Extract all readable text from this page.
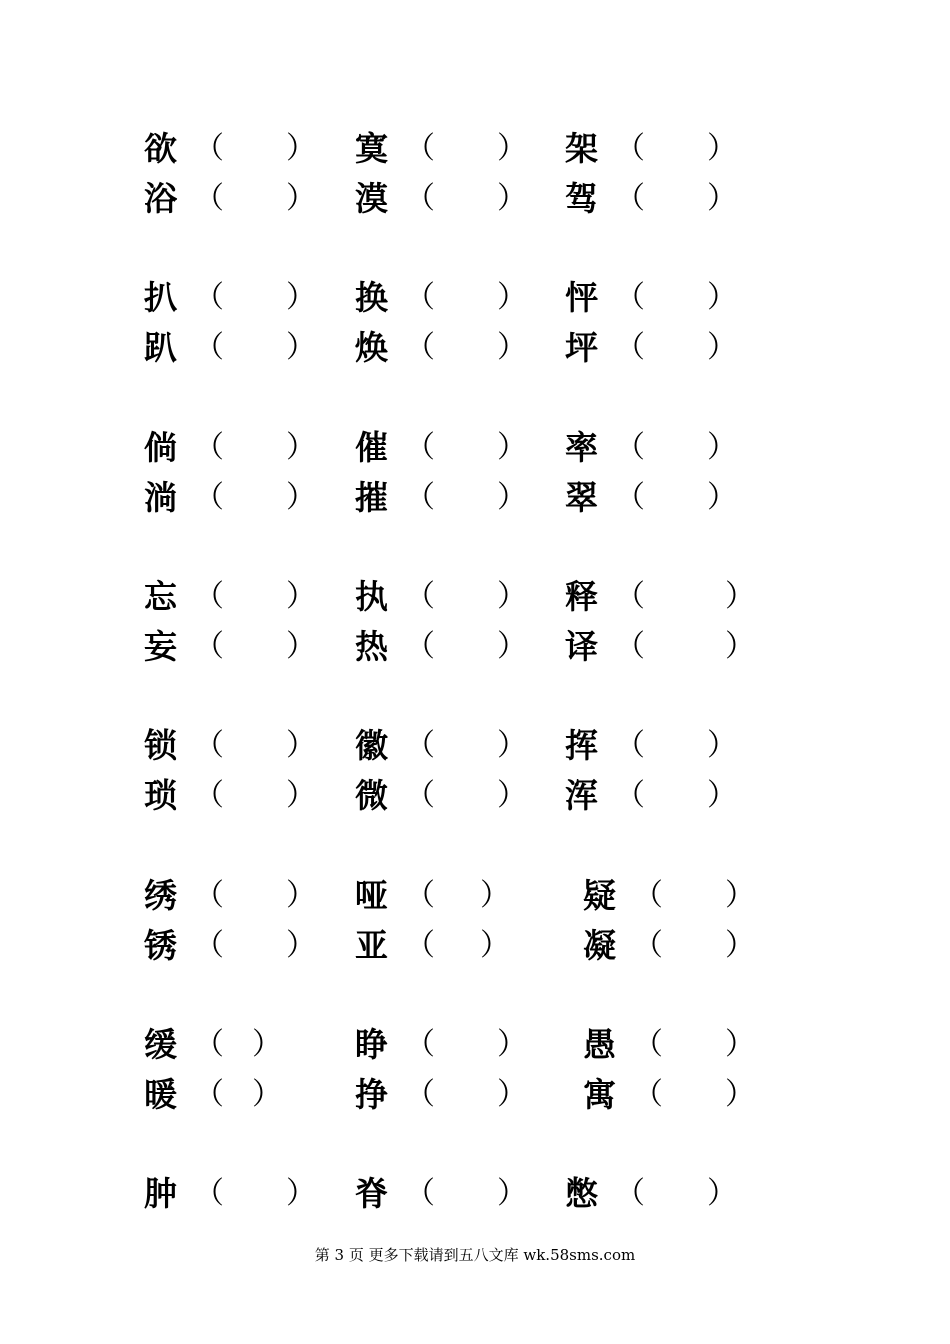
欲 （ ） 寞 （ ） 架 （ ）
浴 （ ） 漠 （ ） 驾 （ ）
扒 （ ） 换 （ ） 怦 （ ）
趴 （ ） 焕 （ ） 坪 （ ）
倘 （ ） 催 （ ） 率 （ ）
淌 （ ） 摧 （ ） 翠 （ ）
忘 （ ） 执 （ ） 释 （	）
妄 （ ） 热 （ ） 译 （	）
锁 （ ） 徽 （ ） 挥 （ ）
琐 （ ） 微 （ ） 浑 （ ）
绣 （ ） 哑 （ ） 疑 （ ）
锈 （ ） 亚 （ ） 凝 （ ）
缓 （ ） 睁 （ ） 愚 （ ）
暖 （ ） 挣 （ ） 寓 （ ）
肿 （ ） 脊 （ ） 憋 （ ）
第 3 页 更多下载请到五八文库 wk.58sms.com
